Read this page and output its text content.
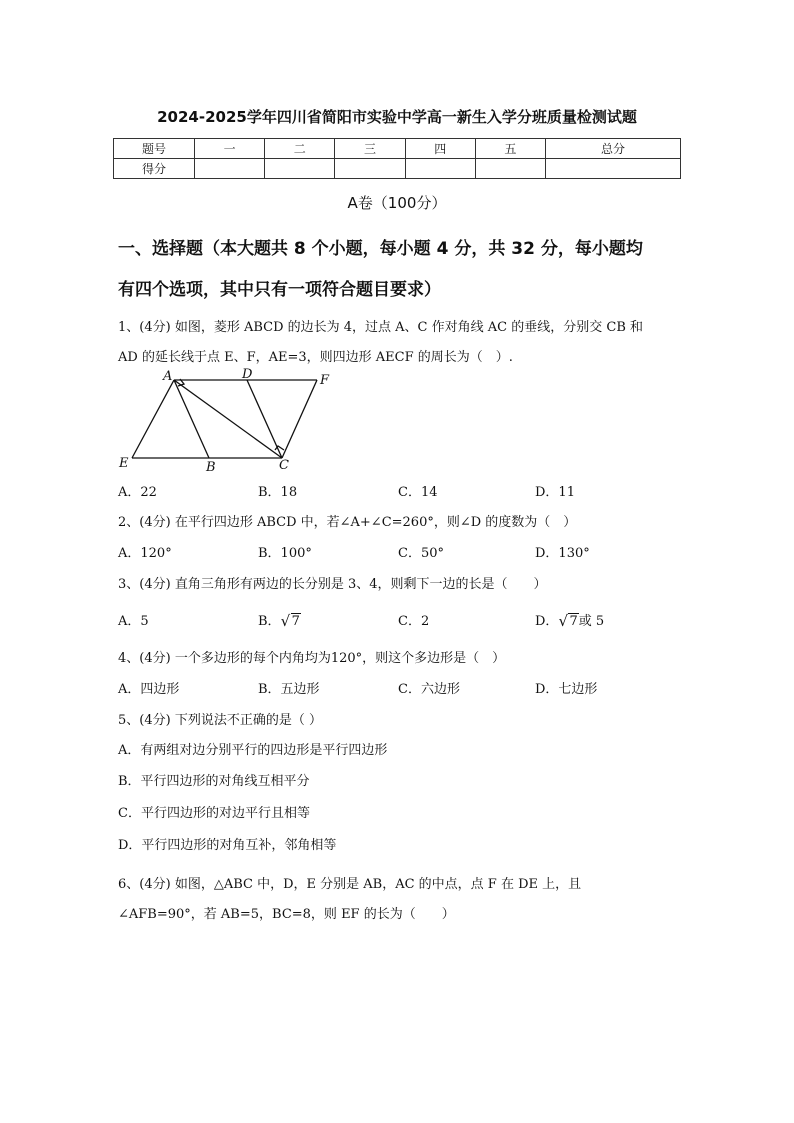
2024-2025学年四川省简阳市实验中学高一新生入学分班质量检测试题
题号	一	二	三	四	五	总分
得分						
A卷（100分）
一、选择题（本大题共 8 个小题，每小题 4 分，共 32 分，每小题均
有四个选项，其中只有一项符合题目要求）
1、(4分) 如图，菱形 ABCD 的边长为 4，过点 A、C 作对角线 AC 的垂线，分别交 CB 和
AD 的延长线于点 E、F，AE=3，则四边形 AECF 的周长为（　）.
A	D	F
E	B	C
A．22	B．18	C．14	D．11
2、(4分) 在平行四边形 ABCD 中，若∠A+∠C=260°，则∠D 的度数为（　）
A．120°	B．100°	C．50°	D．130°
3、(4分) 直角三角形有两边的长分别是 3、4，则剩下一边的长是（　　）
A．5	B． √ 7	C．2	D． √ 7或 5
4、(4分) 一个多边形的每个内角均为120°，则这个多边形是（　）
A．四边形	B．五边形	C．六边形	D．七边形
5、(4分) 下列说法不正确的是（ ）
A．有两组对边分别平行的四边形是平行四边形
B．平行四边形的对角线互相平分
C．平行四边形的对边平行且相等
D．平行四边形的对角互补，邻角相等
6、(4分) 如图，△ABC 中，D，E 分别是 AB，AC 的中点，点 F 在 DE 上，且
∠AFB=90°，若 AB=5，BC=8，则 EF 的长为（　　）
